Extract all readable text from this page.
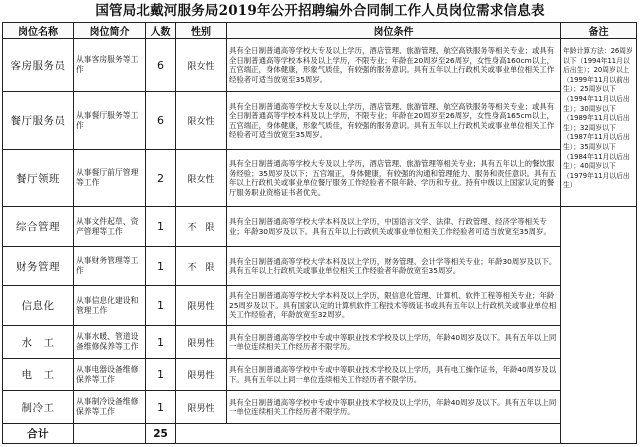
国管局北戴河服务局2019年公开招聘编外合同制工作人员岗位需求信息表
岗位名称	岗位简介	人数	性别	岗位条件	备注
客房服务员	从事客房服务等工作	6	限女性	具有全日制普通高等学校大专及以上学历，酒店管理、旅游管理、航空高铁服务等相关专业；或具有全日制普通高等学校本科及以上学历，不限专业；年龄在20周岁至26周岁，女性身高160cm以上，五官端正，身体健康，形象气质佳，有较强的服务意识。具有五年以上行政机关或事业单位相关工作经验者可适当放宽至35周岁。	年龄计算方法：26周岁以下（1994年11月以后出生）；20周岁以上（1999年11月以前出生）；25周岁以下（1994年11月以后出生）；30周岁以下（1989年11月以后出生）；32周岁以下（1987年11月以后出生）；35周岁以下（1984年11月以后出生）；40周岁以下（1979年11月以后出生）
餐厅服务员	从事餐厅服务等工作	6	限女性	具有全日制普通高等学校大专及以上学历，酒店管理、旅游管理、航空高铁服务等相关专业；或具有全日制普通高等学校本科及以上学历，不限专业；年龄在20周岁至26周岁，女性身高165cm以上，五官端正，身体健康，形象气质佳，有较强的服务意识。具有五年以上行政机关或事业单位相关工作经验者可适当放宽至35周岁。	
餐厅领班	从事餐厅前厅管理等工作	2	限女性	具有全日制普通高等学校大专及以上学历，酒店管理、旅游管理等相关专业；具有五年以上的餐饮服务经验；35周岁及以下；五官端正，身体健康，有较强的沟通和管理能力、服务和责任意识。具有五年以上行政机关或事业单位餐厅服务工作经验者不限年龄、学历和专业。持有中级以上国家认定的餐厅服务职业资格证书者优先。	
综合管理	从事文件起草、资产管理等工作	1	不　限	具有全日制普通高等学校大学本科及以上学历，中国语言文学、法律、行政管理、经济学等相关专业；年龄30周岁及以下。具有五年以上行政机关或事业单位相关工作经验者可适当放宽至35周岁。	
财务管理	从事财务管理等工作	1	不　限	具有全日制普通高等学校大学本科及以上学历，财务管理、会计学等相关专业；年龄30周岁及以下。具有五年以上行政机关或事业单位相关工作经验者年龄放宽至35周岁。	
信息化	从事信息化建设和管理工作	1	限男性	具有全日制普通高等学校大学本科及以上学历，限信息化管理、计算机、软件工程等相关专业；年龄25周岁及以下。具有国家认定的计算机软件工程技术等级证书或具有五年以上行政机关或事业单位相关工作经验者，年龄放宽至32周岁。	
水　工	从事水暖、管道设备维修保养等工作	1	限男性	具有全日制普通高等学校中专或中等职业技术学校及以上学历，年龄40周岁及以下。具有五年以上同一单位连续相关工作经历者不限学历。	
电　工	从事电器设备维修保养等工作	1	限男性	具有全日制普通高等学校中专或中等职业技术学校及以上学历，具有电工操作证书，年龄40周岁及以下。具有五年以上同一单位连续相关工作经历者不限学历。	
制冷工	从事制冷设备维修保养等工作	1	限男性	具有全日制普通高等学校中专或中等职业技术学校及以上学历，年龄40周岁及以下。具有五年以上同一单位连续相关工作经历者不限学历。	
合计		25			
